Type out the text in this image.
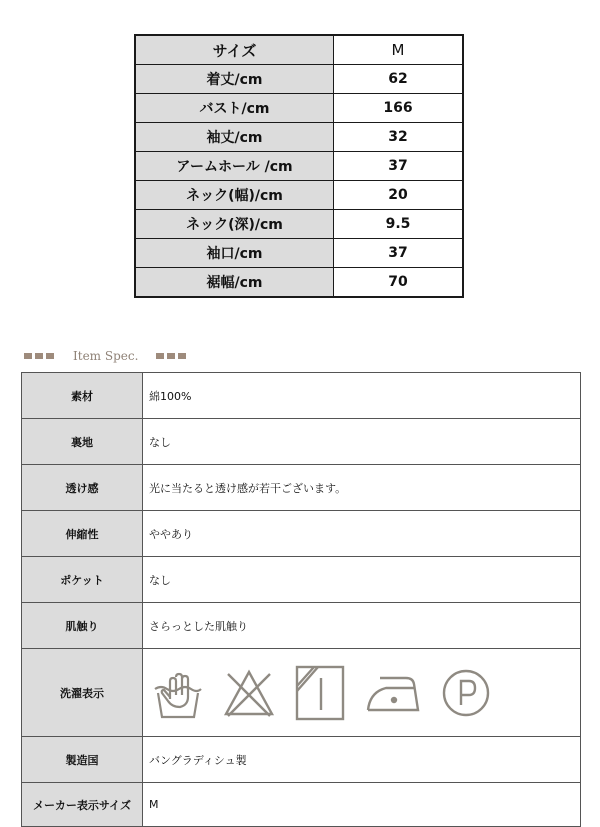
サイズ	M
着丈/cm	62
バスト/cm	166
袖丈/cm	32
アームホール /cm	37
ネック(幅)/cm	20
ネック(深)/cm	9.5
袖口/cm	37
裾幅/cm	70
Item Spec.
素材	綿100%
裏地	なし
透け感	光に当たると透け感が若干ございます。
伸縮性	ややあり
ポケット	なし
肌触り	さらっとした肌触り
洗濯表示	

製造国	バングラディシュ製
メーカー表示サイズ	M
